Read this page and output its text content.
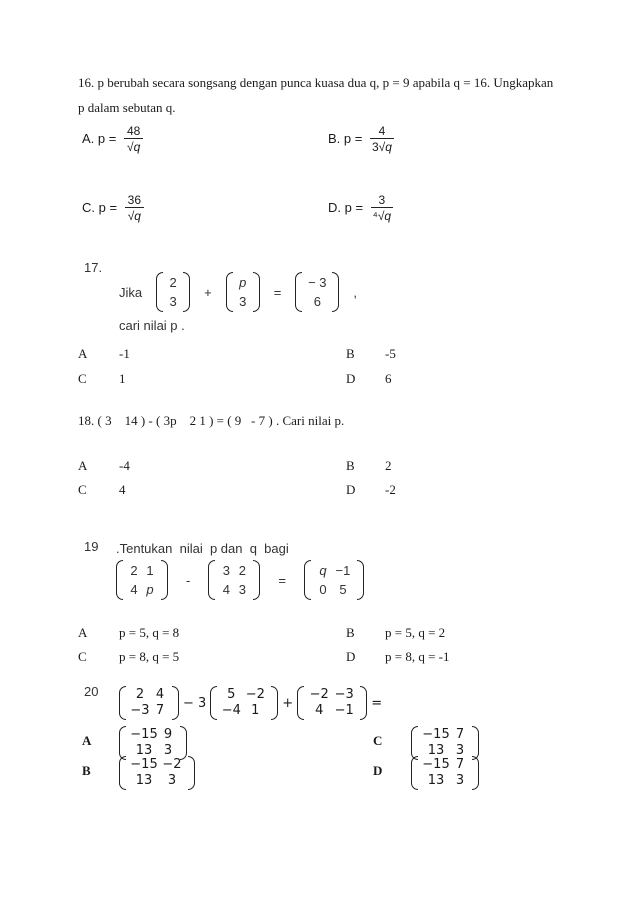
16. p berubah secara songsang dengan punca kuasa dua q, p = 9 apabila q = 16. Ungkapkan
p dalam sebutan q.
A. $p = \frac{48}{√q}$	B. $p = \frac{4}{3√q}$
C. $p = \frac{36}{√q}$	D. $p = \frac{3}{\text{⁴√q}}$
17.
Jika
2
3
+
p
3
=
− 3
6
,
cari nilai p .
A -1	B -5
C 1	D 6
18. ( 3    14 ) - ( 3p    2 1 ) = ( 9   - 7 ) . Cari nilai p.
A -4	B 2
C 4	D -2
19 .Tentukan  nilai  p dan  q  bagi
2 1
4 p
-
3 2
4 3
=
q −1
0 5
A p = 5, q = 8	B p = 5, q = 2
C p = 8, q = 5	D p = 8, q = -1
20	2 4
−3 7	− 3
5 −2
−4 1	+
−2 −3
4 −1 =
A	−15 9
13 3
C	−15 7
13 3
B	−15 −2
13	3
D	−15 7
13 3
